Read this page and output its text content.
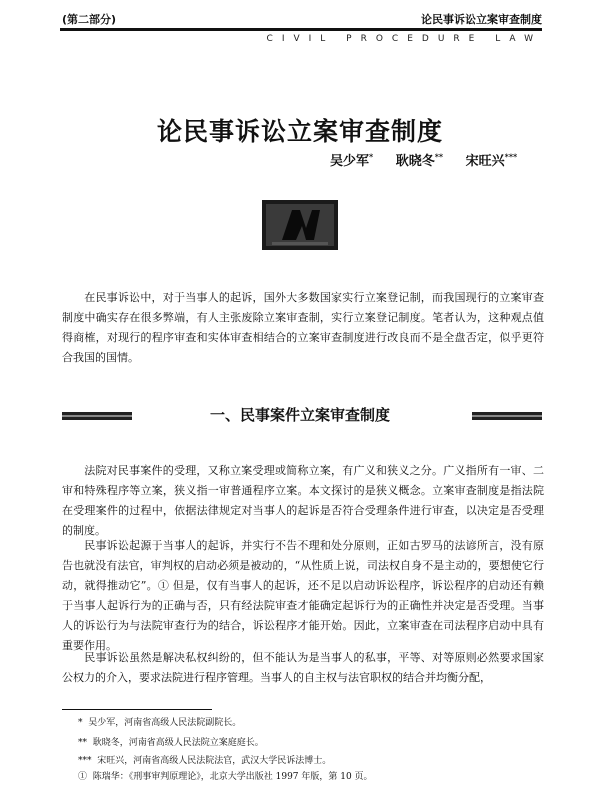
(第二部分)	论民事诉讼立案审查制度
CIVIL PROCEDURE LAW
论民事诉讼立案审查制度
吴少军* 耿晓冬** 宋旺兴***
在民事诉讼中，对于当事人的起诉，国外大多数国家实行立案登记制，而我国现行的立案审查制度中确实存在很多弊端，有人主张废除立案审查制，实行立案登记制度。笔者认为，这种观点值得商榷，对现行的程序审查和实体审查相结合的立案审查制度进行改良而不是全盘否定，似乎更符合我国的国情。
一、民事案件立案审查制度
法院对民事案件的受理，又称立案受理或简称立案，有广义和狭义之分。广义指所有一审、二审和特殊程序等立案，狭义指一审普通程序立案。本文探讨的是狭义概念。立案审查制度是指法院在受理案件的过程中，依据法律规定对当事人的起诉是否符合受理条件进行审查，以决定是否受理的制度。
民事诉讼起源于当事人的起诉，并实行不告不理和处分原则，正如古罗马的法谚所言，没有原告也就没有法官，审判权的启动必须是被动的，“从性质上说，司法权自身不是主动的，要想使它行动，就得推动它”。① 但是，仅有当事人的起诉，还不足以启动诉讼程序，诉讼程序的启动还有赖于当事人起诉行为的正确与否，只有经法院审查才能确定起诉行为的正确性并决定是否受理。当事人的诉讼行为与法院审查行为的结合，诉讼程序才能开始。因此，立案审查在司法程序启动中具有重要作用。
民事诉讼虽然是解决私权纠纷的，但不能认为是当事人的私事，平等、对等原则必然要求国家公权力的介入，要求法院进行程序管理。当事人的自主权与法官职权的结合并均衡分配，
* 吴少军，河南省高级人民法院副院长。
** 耿晓冬，河南省高级人民法院立案庭庭长。
*** 宋旺兴，河南省高级人民法院法官，武汉大学民诉法博士。
① 陈瑞华：《刑事审判原理论》，北京大学出版社 1997 年版，第 10 页。
